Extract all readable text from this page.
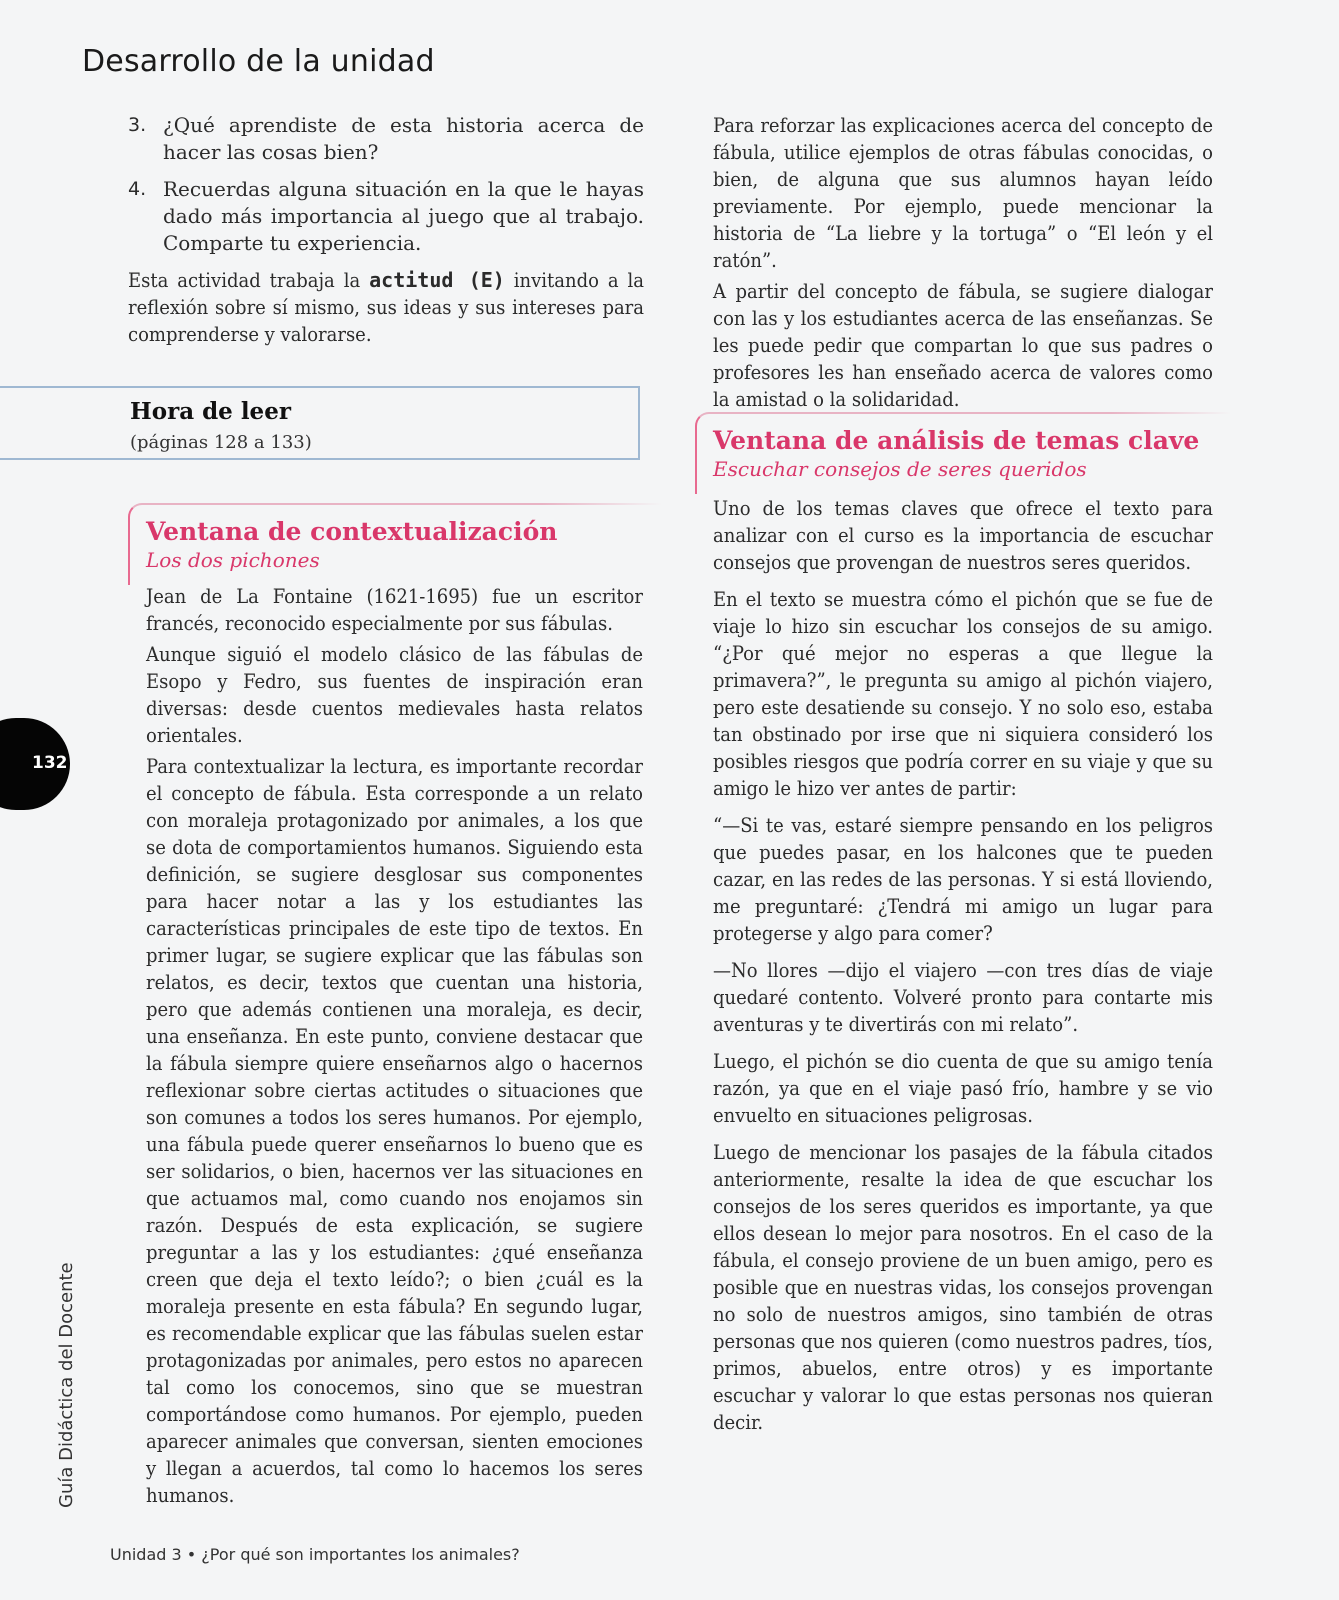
Desarrollo de la unidad
3. ¿Qué aprendiste de esta historia acerca de hacer las cosas bien?
4. Recuerdas alguna situación en la que le hayas dado más importancia al juego que al trabajo. Comparte tu experiencia.

Esta actividad trabaja la actitud (E) invitando a la reflexión sobre sí mismo, sus ideas y sus intereses para comprenderse y valorarse.

Hora de leer
(páginas 128 a 133)
Ventana de contextualización
Los dos pichones

Jean de La Fontaine (1621-1695) fue un escritor francés, reconocido especialmente por sus fábulas.

Aunque siguió el modelo clásico de las fábulas de Esopo y Fedro, sus fuentes de inspiración eran diversas: desde cuentos medievales hasta relatos orientales.

Para contextualizar la lectura, es importante recordar el concepto de fábula. Esta corresponde a un relato con moraleja protagonizado por animales, a los que se dota de comportamientos humanos. Siguiendo esta definición, se sugiere desglosar sus componentes para hacer notar a las y los estudiantes las características principales de este tipo de textos. En primer lugar, se sugiere explicar que las fábulas son relatos, es decir, textos que cuentan una historia, pero que además contienen una moraleja, es decir, una enseñanza. En este punto, conviene destacar que la fábula siempre quiere enseñarnos algo o hacernos reflexionar sobre ciertas actitudes o situaciones que son comunes a todos los seres humanos. Por ejemplo, una fábula puede querer enseñarnos lo bueno que es ser solidarios, o bien, hacernos ver las situaciones en que actuamos mal, como cuando nos enojamos sin razón. Después de esta explicación, se sugiere preguntar a las y los estudiantes: ¿qué enseñanza creen que deja el texto leído?; o bien ¿cuál es la moraleja presente en esta fábula? En segundo lugar, es recomendable explicar que las fábulas suelen estar protagonizadas por animales, pero estos no aparecen tal como los conocemos, sino que se muestran comportándose como humanos. Por ejemplo, pueden aparecer animales que conversan, sienten emociones y llegan a acuerdos, tal como lo hacemos los seres humanos.

Para reforzar las explicaciones acerca del concepto de fábula, utilice ejemplos de otras fábulas conocidas, o bien, de alguna que sus alumnos hayan leído previamente. Por ejemplo, puede mencionar la historia de “La liebre y la tortuga” o “El león y el ratón”.

A partir del concepto de fábula, se sugiere dialogar con las y los estudiantes acerca de las enseñanzas. Se les puede pedir que compartan lo que sus padres o profesores les han enseñado acerca de valores como la amistad o la solidaridad.

Ventana de análisis de temas clave
Escuchar consejos de seres queridos

Uno de los temas claves que ofrece el texto para analizar con el curso es la importancia de escuchar consejos que provengan de nuestros seres queridos.

En el texto se muestra cómo el pichón que se fue de viaje lo hizo sin escuchar los consejos de su amigo. “¿Por qué mejor no esperas a que llegue la primavera?”, le pregunta su amigo al pichón viajero, pero este desatiende su consejo. Y no solo eso, estaba tan obstinado por irse que ni siquiera consideró los posibles riesgos que podría correr en su viaje y que su amigo le hizo ver antes de partir:

“—Si te vas, estaré siempre pensando en los peligros que puedes pasar, en los halcones que te pueden cazar, en las redes de las personas. Y si está lloviendo, me preguntaré: ¿Tendrá mi amigo un lugar para protegerse y algo para comer?

—No llores —dijo el viajero —con tres días de viaje quedaré contento. Volveré pronto para contarte mis aventuras y te divertirás con mi relato”.

Luego, el pichón se dio cuenta de que su amigo tenía razón, ya que en el viaje pasó frío, hambre y se vio envuelto en situaciones peligrosas.

Luego de mencionar los pasajes de la fábula citados anteriormente, resalte la idea de que escuchar los consejos de los seres queridos es importante, ya que ellos desean lo mejor para nosotros. En el caso de la fábula, el consejo proviene de un buen amigo, pero es posible que en nuestras vidas, los consejos provengan no solo de nuestros amigos, sino también de otras personas que nos quieren (como nuestros padres, tíos, primos, abuelos, entre otros) y es importante escuchar y valorar lo que estas personas nos quieran decir.

132
Guía Didáctica del Docente
Unidad 3 • ¿Por qué son importantes los animales?
